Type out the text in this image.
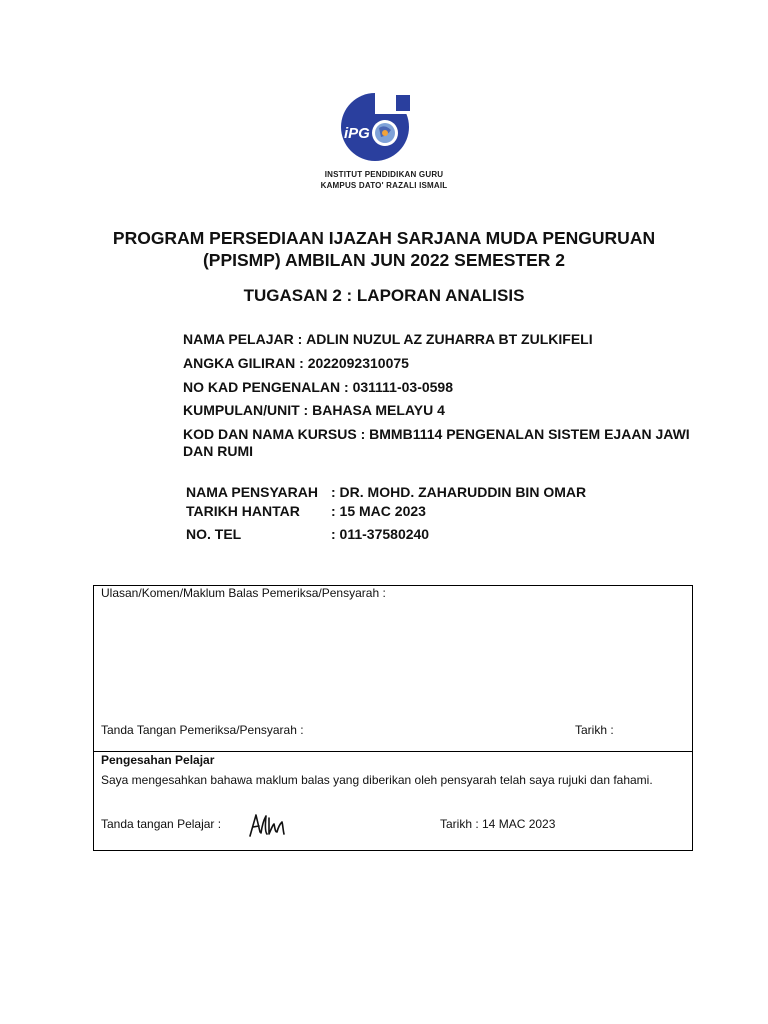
iPG
INSTITUT PENDIDIKAN GURU
KAMPUS DATO' RAZALI ISMAIL
PROGRAM PERSEDIAAN IJAZAH SARJANA MUDA PENGURUAN
(PPISMP) AMBILAN JUN 2022 SEMESTER 2
TUGASAN 2 : LAPORAN ANALISIS
NAMA PELAJAR : ADLIN NUZUL AZ ZUHARRA BT ZULKIFELI
ANGKA GILIRAN : 2022092310075
NO KAD PENGENALAN : 031111-03-0598
KUMPULAN/UNIT : BAHASA MELAYU 4
KOD DAN NAMA KURSUS : BMMB1114 PENGENALAN SISTEM EJAAN JAWI DAN RUMI
NAMA PENSYARAH : DR. MOHD. ZAHARUDDIN BIN OMAR
TARIKH HANTAR : 15 MAC 2023
NO. TEL	: 011-37580240
Ulasan/Komen/Maklum Balas Pemeriksa/Pensyarah :
Tanda Tangan Pemeriksa/Pensyarah :	Tarikh :
Pengesahan Pelajar
Saya mengesahkan bahawa maklum balas yang diberikan oleh pensyarah telah saya rujuki dan fahami.
Tanda tangan Pelajar :	Tarikh : 14 MAC 2023
